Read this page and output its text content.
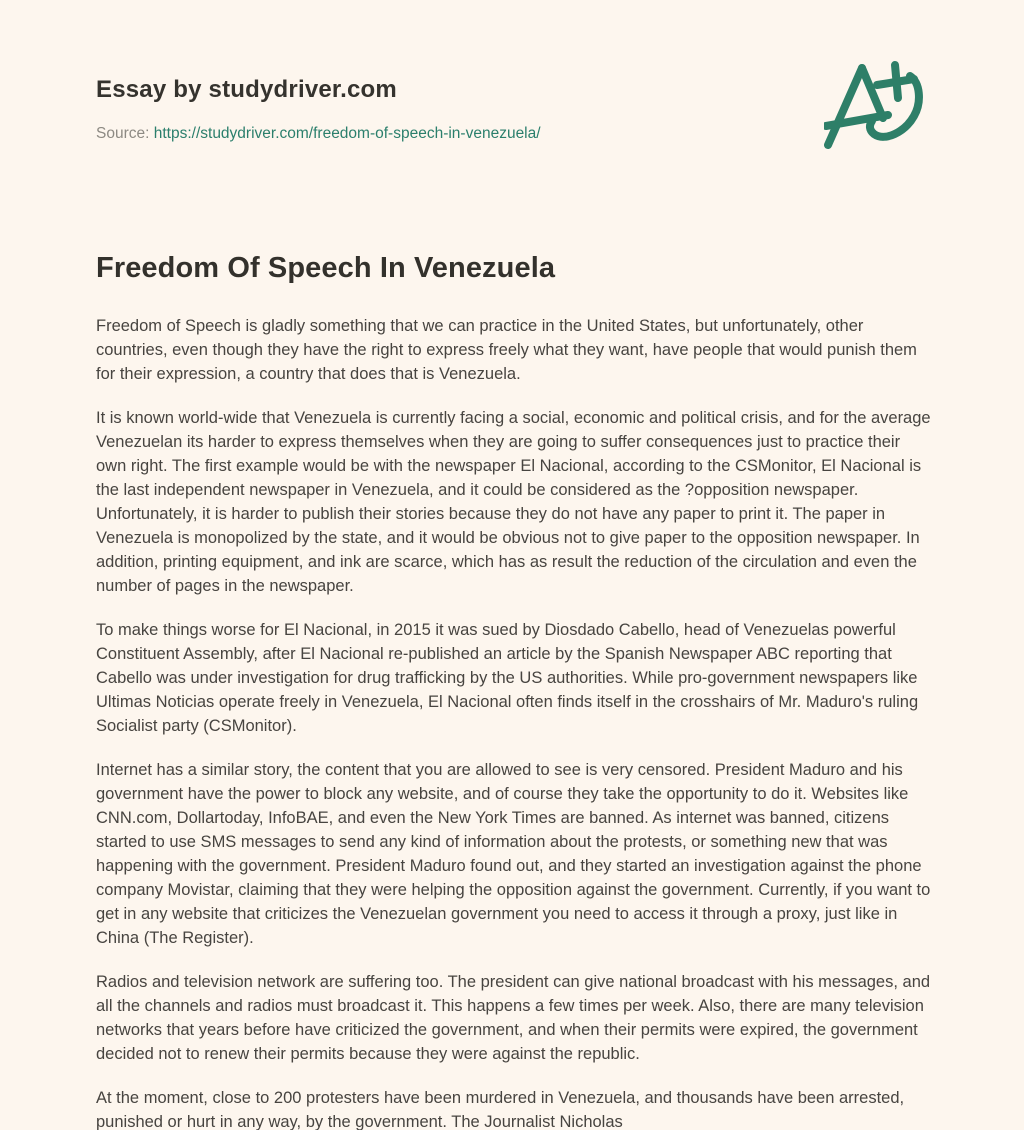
Essay by studydriver.com
Source: https://studydriver.com/freedom-of-speech-in-venezuela/
Freedom Of Speech In Venezuela

Freedom of Speech is gladly something that we can practice in the United States, but unfortunately, other countries, even though they have the right to express freely what they want, have people that would punish them for their expression, a country that does that is Venezuela.

It is known world-wide that Venezuela is currently facing a social, economic and political crisis, and for the average Venezuelan its harder to express themselves when they are going to suffer consequences just to practice their own right. The first example would be with the newspaper El Nacional, according to the CSMonitor, El Nacional is the last independent newspaper in Venezuela, and it could be considered as the ?opposition newspaper. Unfortunately, it is harder to publish their stories because they do not have any paper to print it. The paper in Venezuela is monopolized by the state, and it would be obvious not to give paper to the opposition newspaper. In addition, printing equipment, and ink are scarce, which has as result the reduction of the circulation and even the number of pages in the newspaper.

To make things worse for El Nacional, in 2015 it was sued by Diosdado Cabello, head of Venezuelas powerful Constituent Assembly, after El Nacional re-published an article by the Spanish Newspaper ABC reporting that Cabello was under investigation for drug trafficking by the US authorities. While pro-government newspapers like Ultimas Noticias operate freely in Venezuela, El Nacional often finds itself in the crosshairs of Mr. Maduro's ruling Socialist party (CSMonitor).

Internet has a similar story, the content that you are allowed to see is very censored. President Maduro and his government have the power to block any website, and of course they take the opportunity to do it. Websites like CNN.com, Dollartoday, InfoBAE, and even the New York Times are banned. As internet was banned, citizens started to use SMS messages to send any kind of information about the protests, or something new that was happening with the government. President Maduro found out, and they started an investigation against the phone company Movistar, claiming that they were helping the opposition against the government. Currently, if you want to get in any website that criticizes the Venezuelan government you need to access it through a proxy, just like in China (The Register).

Radios and television network are suffering too. The president can give national broadcast with his messages, and all the channels and radios must broadcast it. This happens a few times per week. Also, there are many television networks that years before have criticized the government, and when their permits were expired, the government decided not to renew their permits because they were against the republic.

At the moment, close to 200 protesters have been murdered in Venezuela, and thousands have been arrested, punished or hurt in any way, by the government. The Journalist Nicholas
